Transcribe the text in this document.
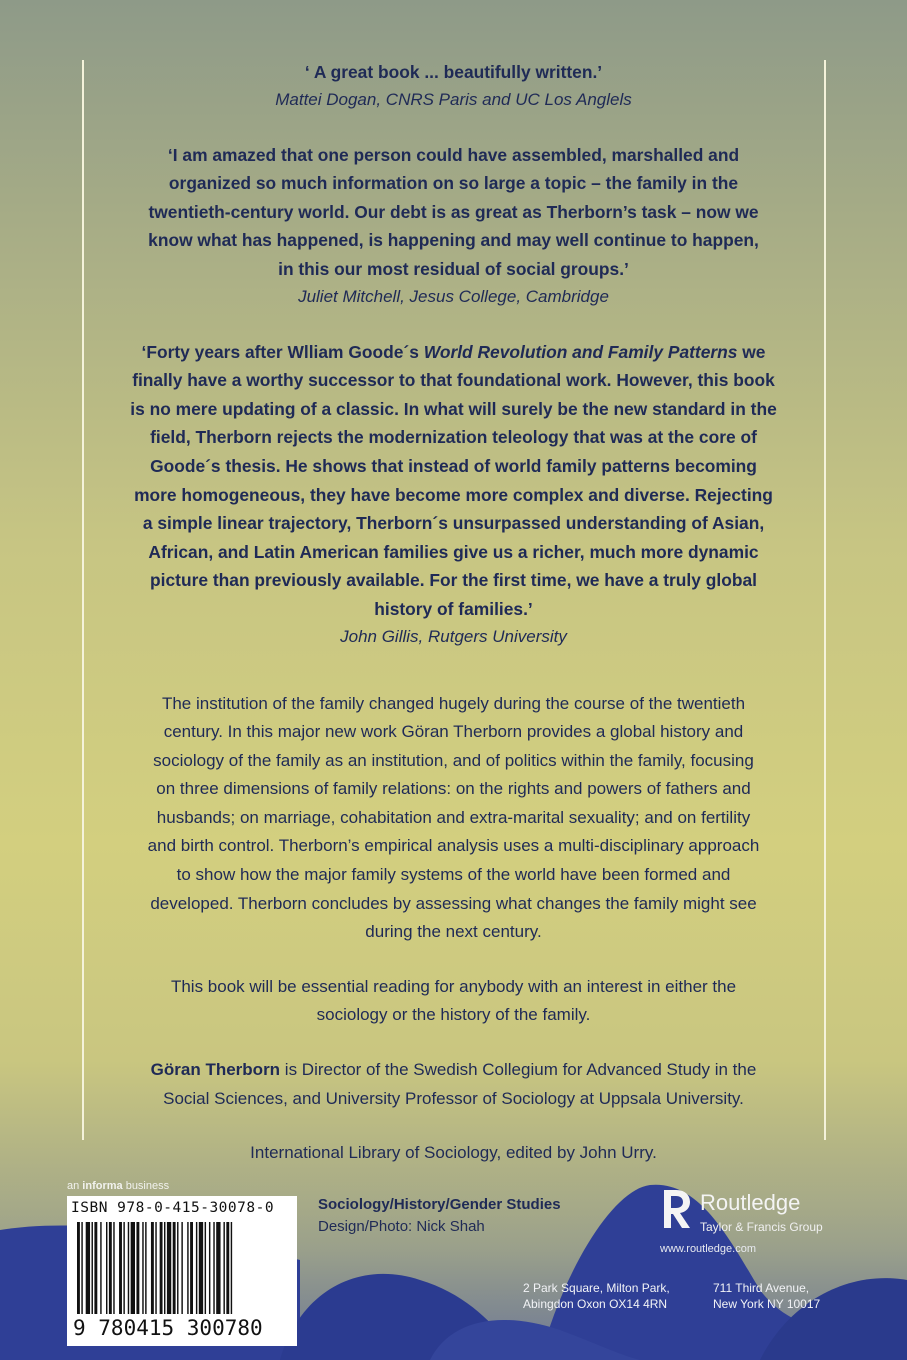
‘ A great book ... beautifully written.’

Mattei Dogan, CNRS Paris and UC Los Anglels

‘I am amazed that one person could have assembled, marshalled and

organized so much information on so large a topic – the family in the

twentieth-century world. Our debt is as great as Therborn’s task – now we

know what has happened, is happening and may well continue to happen,

in this our most residual of social groups.’

Juliet Mitchell, Jesus College, Cambridge

‘Forty years after Wlliam Goode´s World Revolution and Family Patterns we

finally have a worthy successor to that foundational work. However, this book

is no mere updating of a classic. In what will surely be the new standard in the

field, Therborn rejects the modernization teleology that was at the core of

Goode´s thesis. He shows that instead of world family patterns becoming

more homogeneous, they have become more complex and diverse. Rejecting

a simple linear trajectory, Therborn´s unsurpassed understanding of Asian,

African, and Latin American families give us a richer, much more dynamic

picture than previously available. For the first time, we have a truly global

history of families.’

John Gillis, Rutgers University

The institution of the family changed hugely during the course of the twentieth

century. In this major new work Göran Therborn provides a global history and

sociology of the family as an institution, and of politics within the family, focusing

on three dimensions of family relations: on the rights and powers of fathers and

husbands; on marriage, cohabitation and extra-marital sexuality; and on fertility

and birth control. Therborn’s empirical analysis uses a multi-disciplinary approach

to show how the major family systems of the world have been formed and

developed. Therborn concludes by assessing what changes the family might see

during the next century.

This book will be essential reading for anybody with an interest in either the

sociology or the history of the family.

Göran Therborn is Director of the Swedish Collegium for Advanced Study in the

Social Sciences, and University Professor of Sociology at Uppsala University.

International Library of Sociology, edited by John Urry.

an informa business
ISBN 978-0-415-30078-0
9 780415 300780
Sociology/History/Gender Studies
Design/Photo: Nick Shah

Routledge
Taylor & Francis Group
www.routledge.com
2 Park Square, Milton Park,
Abingdon Oxon OX14 4RN
711 Third Avenue,
New York NY 10017
